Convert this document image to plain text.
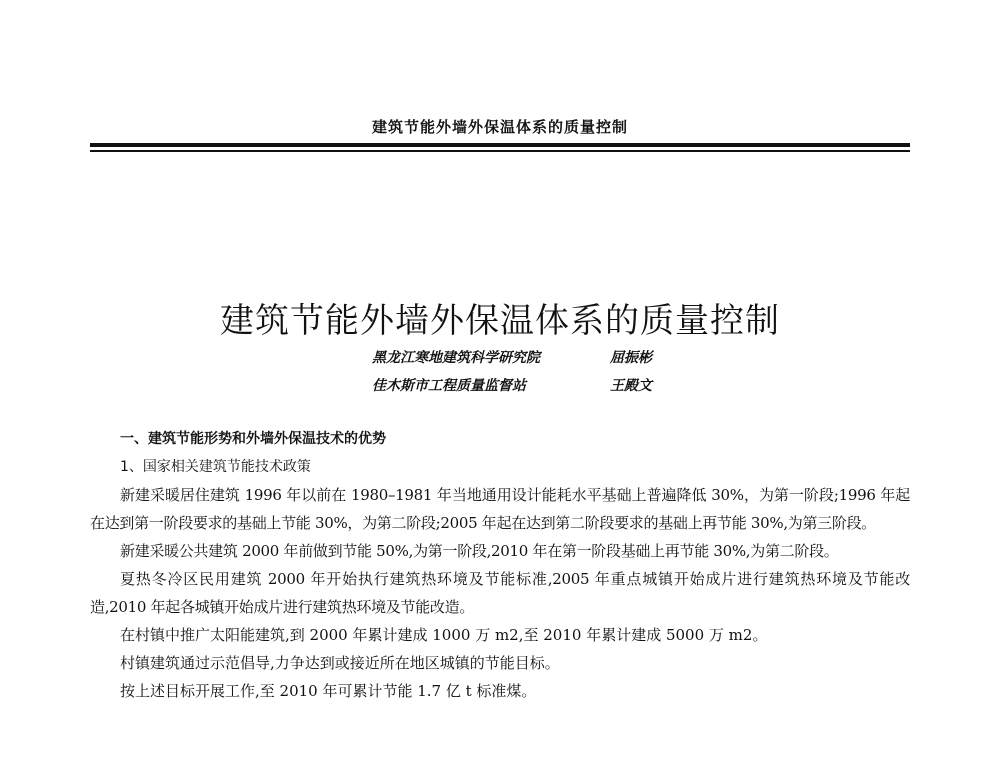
建筑节能外墙外保温体系的质量控制
建筑节能外墙外保温体系的质量控制
黑龙江寒地建筑科学研究院	屈振彬
佳木斯市工程质量监督站	王殿文

一、建筑节能形势和外墙外保温技术的优势

1、国家相关建筑节能技术政策

新建采暖居住建筑 1996 年以前在 1980–1981 年当地通用设计能耗水平基础上普遍降低 30%，为第一阶段;1996 年起在达到第一阶段要求的基础上节能 30%，为第二阶段;2005 年起在达到第二阶段要求的基础上再节能 30%,为第三阶段。

新建采暖公共建筑 2000 年前做到节能 50%,为第一阶段,2010 年在第一阶段基础上再节能 30%,为第二阶段。

夏热冬冷区民用建筑 2000 年开始执行建筑热环境及节能标准,2005 年重点城镇开始成片进行建筑热环境及节能改造,2010 年起各城镇开始成片进行建筑热环境及节能改造。

在村镇中推广太阳能建筑,到 2000 年累计建成 1000 万 m2,至 2010 年累计建成 5000 万 m2。

村镇建筑通过示范倡导,力争达到或接近所在地区城镇的节能目标。

按上述目标开展工作,至 2010 年可累计节能 1.7 亿 t 标准煤。
